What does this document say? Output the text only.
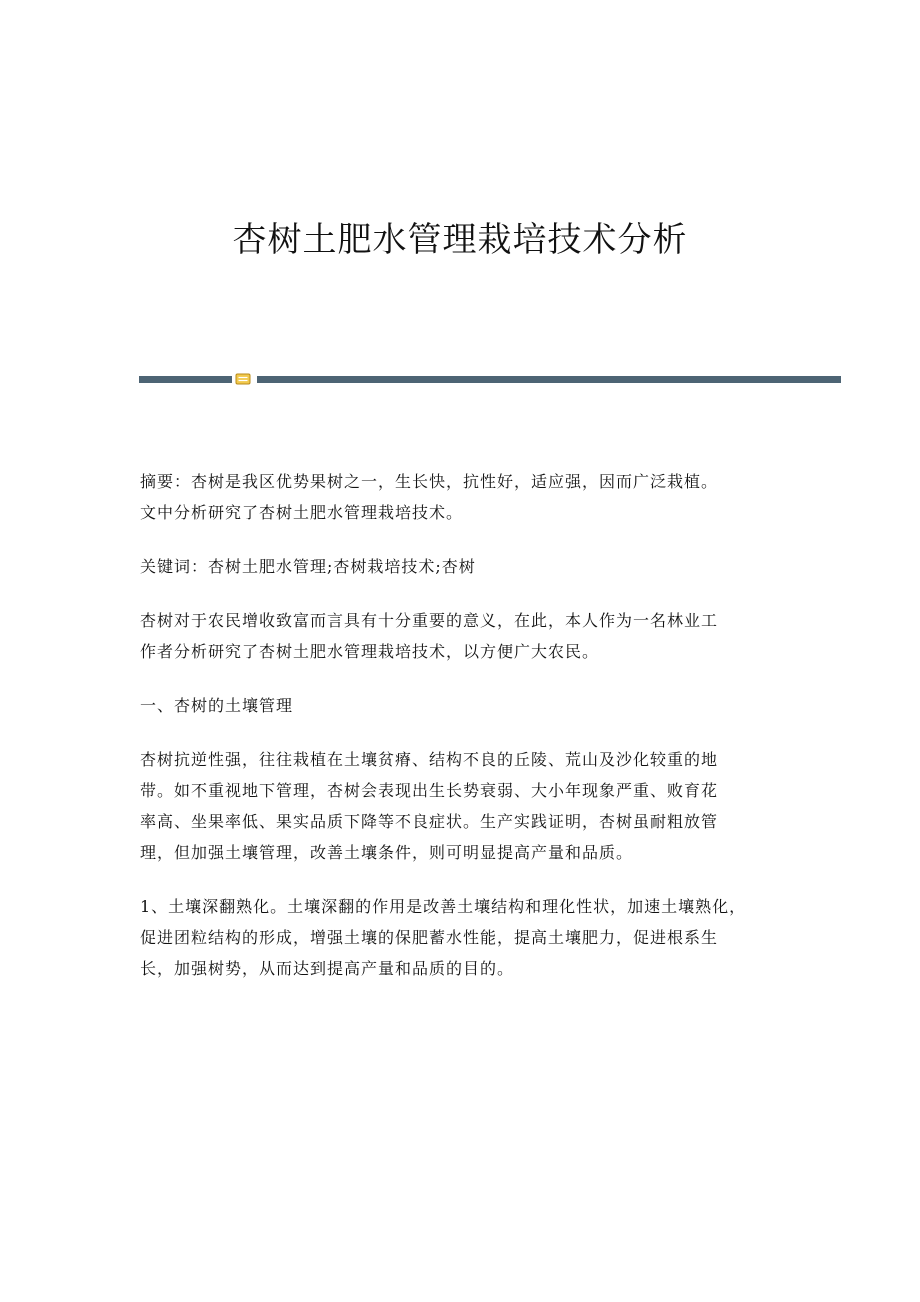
杏树土肥水管理栽培技术分析

摘要：杏树是我区优势果树之一，生长快，抗性好，适应强，因而广泛栽植。
文中分析研究了杏树土肥水管理栽培技术。

关键词：杏树土肥水管理;杏树栽培技术;杏树

杏树对于农民增收致富而言具有十分重要的意义，在此，本人作为一名林业工
作者分析研究了杏树土肥水管理栽培技术，以方便广大农民。

一、杏树的土壤管理

杏树抗逆性强，往往栽植在土壤贫瘠、结构不良的丘陵、荒山及沙化较重的地
带。如不重视地下管理，杏树会表现出生长势衰弱、大小年现象严重、败育花
率高、坐果率低、果实品质下降等不良症状。生产实践证明，杏树虽耐粗放管
理，但加强土壤管理，改善土壤条件，则可明显提高产量和品质。

1、土壤深翻熟化。土壤深翻的作用是改善土壤结构和理化性状，加速土壤熟化，
促进团粒结构的形成，增强土壤的保肥蓄水性能，提高土壤肥力，促进根系生
长，加强树势，从而达到提高产量和品质的目的。
